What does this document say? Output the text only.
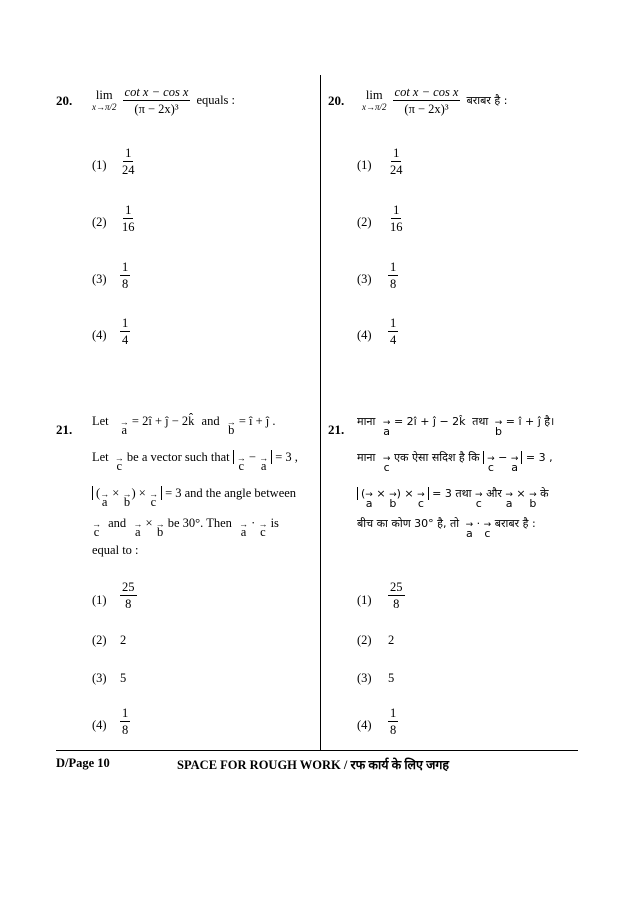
20. lim
$x\to\pi/2 \frac{\text{cot x − cos x}}{\text{(π − 2x)³}}$ equals :
$(1) \frac{1}{24}$
$(2) \frac{1}{16}$
$(3) \frac{1}{8}$
$(4) \frac{1}{4}$
21.
Let →
a
= 2î + ĵ − 2k̂ and →
b
= î + ĵ .
Let →
c
be a vector such that →
c
− →
a
= 3 ,
( →
a
× →
b
) × →
c
= 3 and the angle between
→
c
and →
a
× →
b
be 30°. Then →
a
· →
c
is
equal to :
$(1) \frac{25}{8}$
(2) 2
(3) 5
$(4) \frac{1}{8}$
20. lim
$x\to\pi/2 \frac{\text{cot x − cos x}}{\text{(π − 2x)³}}$ बराबर है :
$(1) \frac{1}{24}$
$(2) \frac{1}{16}$
$(3) \frac{1}{8}$
$(4) \frac{1}{4}$
21.
माना →
a
= 2î + ĵ − 2k̂ तथा →
b
= î + ĵ है।
माना →
c
एक ऐसा सदिश है कि →
c
− →
a
= 3 ,
( →
a
× →
b
) × →
c
= 3 तथा →
c
और →
a
× →
b
के
बीच का कोण 30° है, तो →
a
· →
c
बराबर है :
$(1) \frac{25}{8}$
(2) 2
(3) 5
$(4) \frac{1}{8}$
D/Page 10	SPACE FOR ROUGH WORK / रफ कार्य के लिए जगह
